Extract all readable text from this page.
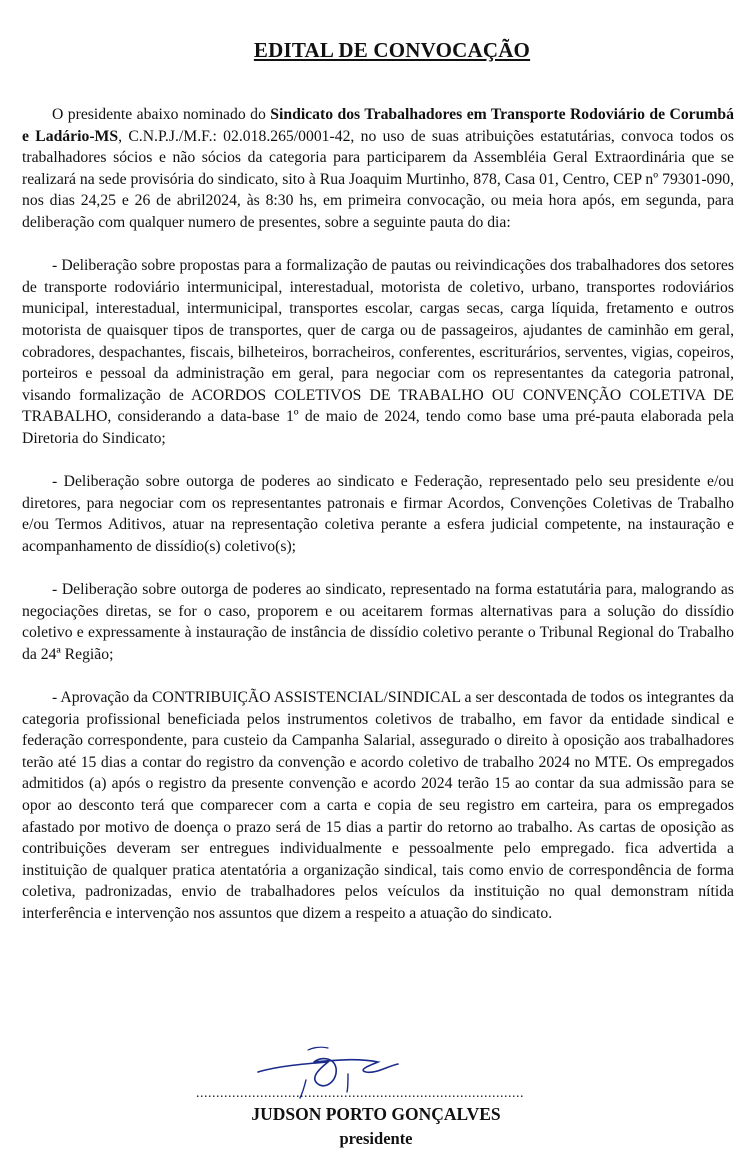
EDITAL DE CONVOCAÇÃO

O presidente abaixo nominado do Sindicato dos Trabalhadores em Transporte Rodoviário de Corumbá e Ladário-MS, C.N.P.J./M.F.: 02.018.265/0001-42, no uso de suas atribuições estatutárias, convoca todos os trabalhadores sócios e não sócios da categoria para participarem da Assembléia Geral Extraordinária que se realizará na sede provisória do sindicato, sito à Rua Joaquim Murtinho, 878, Casa 01, Centro, CEP nº 79301-090, nos dias 24,25 e 26 de abril2024, às 8:30 hs, em primeira convocação, ou meia hora após, em segunda, para deliberação com qualquer numero de presentes, sobre a seguinte pauta do dia:

- Deliberação sobre propostas para a formalização de pautas ou reivindicações dos trabalhadores dos setores de transporte rodoviário intermunicipal, interestadual, motorista de coletivo, urbano, transportes rodoviários municipal, interestadual, intermunicipal, transportes escolar, cargas secas, carga líquida, fretamento e outros motorista de quaisquer tipos de transportes, quer de carga ou de passageiros, ajudantes de caminhão em geral, cobradores, despachantes, fiscais, bilheteiros, borracheiros, conferentes, escriturários, serventes, vigias, copeiros, porteiros e pessoal da administração em geral, para negociar com os representantes da categoria patronal, visando formalização de ACORDOS COLETIVOS DE TRABALHO OU CONVENÇÃO COLETIVA DE TRABALHO, considerando a data-base 1º de maio de 2024, tendo como base uma pré-pauta elaborada pela Diretoria do Sindicato;

- Deliberação sobre outorga de poderes ao sindicato e Federação, representado pelo seu presidente e/ou diretores, para negociar com os representantes patronais e firmar Acordos, Convenções Coletivas de Trabalho e/ou Termos Aditivos, atuar na representação coletiva perante a esfera judicial competente, na instauração e acompanhamento de dissídio(s) coletivo(s);

- Deliberação sobre outorga de poderes ao sindicato, representado na forma estatutária para, malogrando as negociações diretas, se for o caso, proporem e ou aceitarem formas alternativas para a solução do dissídio coletivo e expressamente à instauração de instância de dissídio coletivo perante o Tribunal Regional do Trabalho da 24ª Região;

- Aprovação da CONTRIBUIÇÃO ASSISTENCIAL/SINDICAL a ser descontada de todos os integrantes da categoria profissional beneficiada pelos instrumentos coletivos de trabalho, em favor da entidade sindical e federação correspondente, para custeio da Campanha Salarial, assegurado o direito à oposição aos trabalhadores terão até 15 dias a contar do registro da convenção e acordo coletivo de trabalho 2024 no MTE. Os empregados admitidos (a) após o registro da presente convenção e acordo 2024 terão 15 ao contar da sua admissão para se opor ao desconto terá que comparecer com a carta e copia de seu registro em carteira, para os empregados afastado por motivo de doença o prazo será de 15 dias a partir do retorno ao trabalho. As cartas de oposição as contribuições deveram ser entregues individualmente e pessoalmente pelo empregado. fica advertida a instituição de qualquer pratica atentatória a organização sindical, tais como envio de correspondência de forma coletiva, padronizadas, envio de trabalhadores pelos veículos da instituição no qual demonstram nítida interferência e intervenção nos assuntos que dizem a respeito a atuação do sindicato.

..................................................................................
JUDSON PORTO GONÇALVES
presidente
